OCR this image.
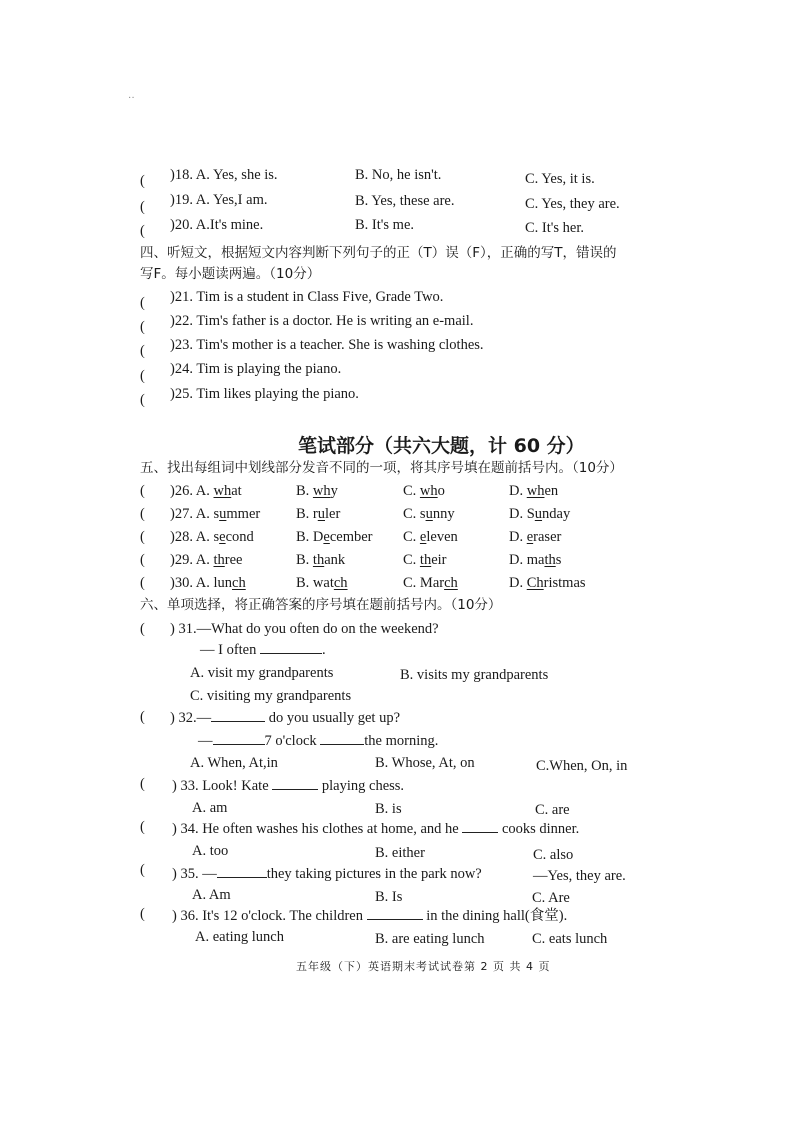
··
( )18. A. Yes, she is.	B. No, he isn't.	C. Yes, it is.
( )19. A. Yes,I am.	B. Yes, these are.	C. Yes, they are.
( )20. A.It's mine.	B. It's me.	C. It's her.
四、听短文，根据短文内容判断下列句子的正（T）误（F），正确的写T，错误的
写F。每小题读两遍。（10分）
( )21. Tim is a student in Class Five, Grade Two.
( )22. Tim's father is a doctor. He is writing an e-mail.
( )23. Tim's mother is a teacher. She is washing clothes.
( )24. Tim is playing the piano.
( )25. Tim likes playing the piano.
笔试部分（共六大题，计 60 分）
五、找出每组词中划线部分发音不同的一项，将其序号填在题前括号内。（10分）
( )26. A. what	B. why	C. who	D. when
( )27. A. summer B. ruler	C. sunny	D. Sunday
( )28. A. second	B. December C. eleven	D. eraser
( )29. A. three	B. thank	C. their	D. maths
( )30. A. lunch	B. watch	C. March	D. Christmas
六、单项选择，将正确答案的序号填在题前括号内。（10分）
( ) 31.—What do you often do on the weekend?
— I often	.
A. visit my grandparents	B. visits my grandparents
C. visiting my grandparents
( ) 32.—	do you usually get up?
—	7 o'clock	the morning.
A. When, At,in	B. Whose, At, on	C.When, On, in
( ) 33. Look! Kate	playing chess.
A. am	B. is	C. are
( ) 34. He often washes his clothes at home, and he	cooks dinner.
A. too	B. either	C. also
( ) 35. —	they taking pictures in the park now?	—Yes, they are.
A. Am	B. Is	C. Are
( ) 36. It's 12 o'clock. The children	in the dining hall(食堂).
A. eating lunch	B. are eating lunch	C. eats lunch
五年级（下）英语期末考试试卷第 2 页 共 4 页
